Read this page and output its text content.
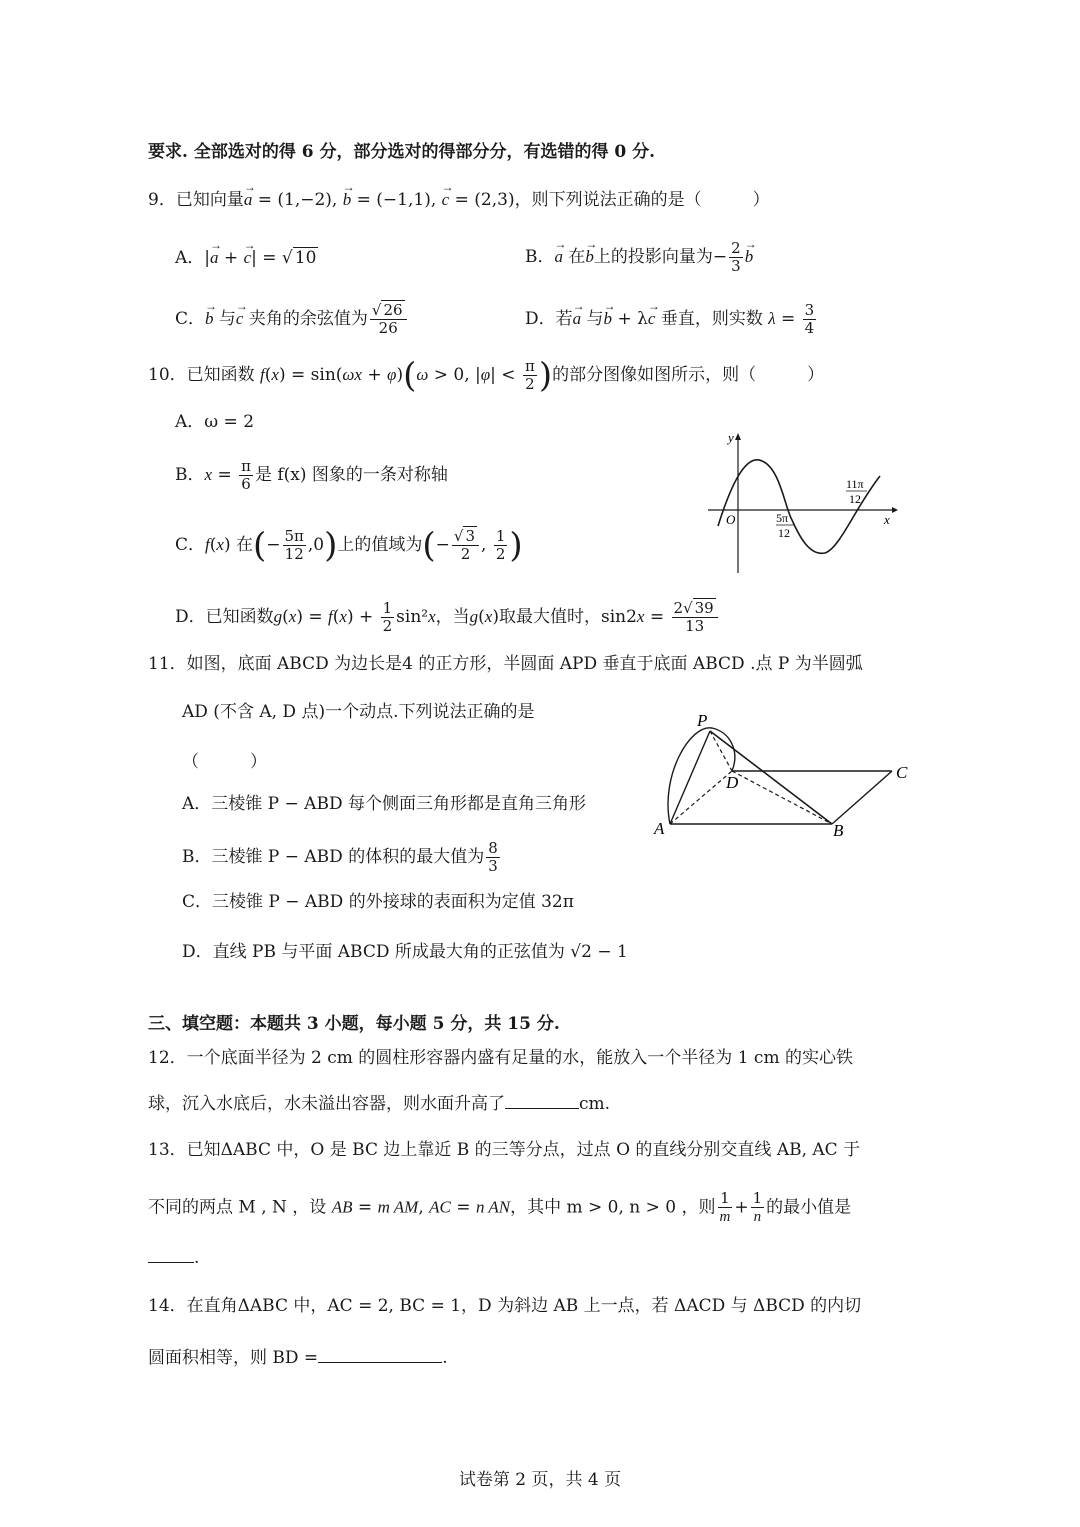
要求. 全部选对的得 6 分，部分选对的得部分分，有选错的得 0 分.
9．已知向量→ a = (1,−2), → b = (−1,1), → c = (2,3)，则下列说法正确的是（　　　）
A．|→ a + → c| = √ 10	B．→ a 在→ b上的投影向量为− $\frac{2}{3}$
→ b
C．→ b 与→ c 夹角的余弦值为 $\frac{√ 26}{26}$	D．若→ a 与→ b + λ→ c 垂直，则实数 $\lambda = \frac{3}{4}$
10．已知函数 f(x) = sin(ωx + φ)(ω > 0, $|\varphi| < \frac{\pi}{2}$ )的部分图像如图所示，则（　　　）
A．ω = 2
B．$x = \frac{\pi}{6}$ 是 f(x) 图象的一条对称轴
C．f(x) 在(− $\frac{5\pi}{12} ,0$)上的值域为(− $\frac{√ 3}{2}$ , $\frac{1}{2}$ )
D．已知函数$g(x) = f(x) + \frac{1}{2} \sin^2x$，当g(x)取最大值时，$\sin 2x = \frac{2√ 39}{13}$
y
x
O	5π
12
11π
12
11．如图，底面 ABCD 为边长是4 的正方形，半圆面 APD 垂直于底面 ABCD .点 P 为半圆弧
AD (不含 A, D 点)一个动点.下列说法正确的是
（　　　）
A．三棱锥 P − ABD 每个侧面三角形都是直角三角形
B．三棱锥 P − ABD 的体积的最大值为 $\frac{8}{3}$
C．三棱锥 P − ABD 的外接球的表面积为定值 32π
D．直线 PB 与平面 ABCD 所成最大角的正弦值为 √2 − 1
P
D
C
A	B
三、填空题：本题共 3 小题，每小题 5 分，共 15 分.
12．一个底面半径为 2 cm 的圆柱形容器内盛有足量的水，能放入一个半径为 1 cm 的实心铁
球，沉入水底后，水未溢出容器，则水面升高了	cm.
13．已知ΔABC 中，O 是 BC 边上靠近 B 的三等分点，过点 O 的直线分别交直线 AB, AC 于
不同的两点 M , N ，设 AB = m AM, AC = n AN，其中 m > 0, n > 0 ，则 $\frac{1}{m} + \frac{1}{n}$ 的最小值是
.
14．在直角ΔABC 中，AC = 2, BC = 1，D 为斜边 AB 上一点，若 ΔACD 与 ΔBCD 的内切
圆面积相等，则 BD =	.
试卷第 2 页，共 4 页
